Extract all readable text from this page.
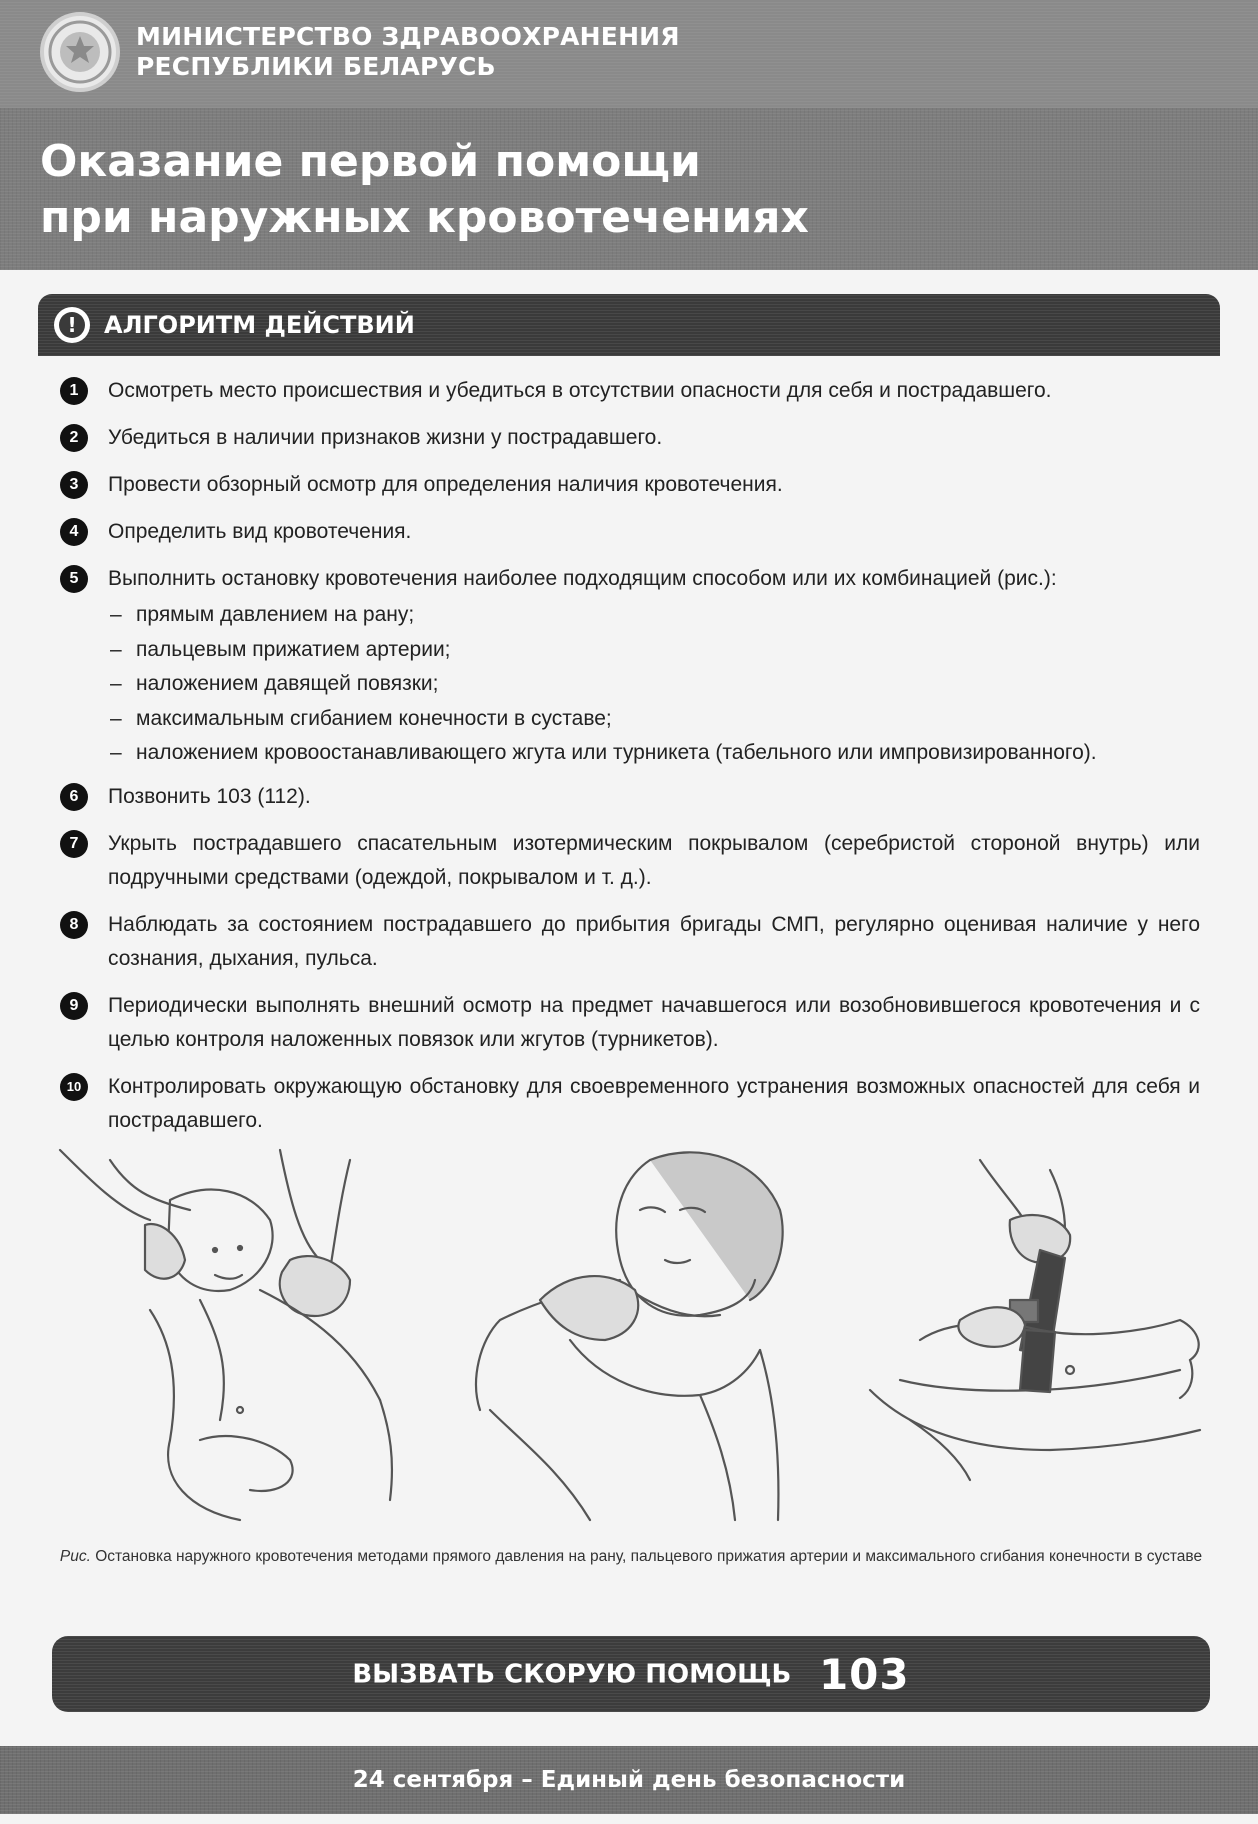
МИНИСТЕРСТВО ЗДРАВООХРАНЕНИЯ
РЕСПУБЛИКИ БЕЛАРУСЬ
Оказание первой помощи
при наружных кровотечениях
!	АЛГОРИТМ ДЕЙСТВИЙ
1	Осмотреть место происшествия и убедиться в отсутствии опасности для себя и пострадавшего.
2	Убедиться в наличии признаков жизни у пострадавшего.
3	Провести обзорный осмотр для определения наличия кровотечения.
4	Определить вид кровотечения.
5	Выполнить остановку кровотечения наиболее подходящим способом или их комбинацией (рис.):
– прямым давлением на рану;
– пальцевым прижатием артерии;
– наложением давящей повязки;
– максимальным сгибанием конечности в суставе;
– наложением кровоостанавливающего жгута или турникета (табельного или импровизированного).
6	Позвонить 103 (112).
7	Укрыть пострадавшего спасательным изотермическим покрывалом (серебристой стороной внутрь) или подручными средствами (одеждой, покрывалом и т. д.).
8	Наблюдать за состоянием пострадавшего до прибытия бригады СМП, регулярно оценивая наличие у него сознания, дыхания, пульса.
9	Периодически выполнять внешний осмотр на предмет начавшегося или возобновившегося кровотечения и с целью контроля наложенных повязок или жгутов (турникетов).
10	Контролировать окружающую обстановку для своевременного устранения возможных опасностей для себя и пострадавшего.
Рис. Остановка наружного кровотечения методами прямого давления на рану, пальцевого прижатия артерии и максимального сгибания конечности в суставе
ВЫЗВАТЬ СКОРУЮ ПОМОЩЬ 103
24 сентября – Единый день безопасности
